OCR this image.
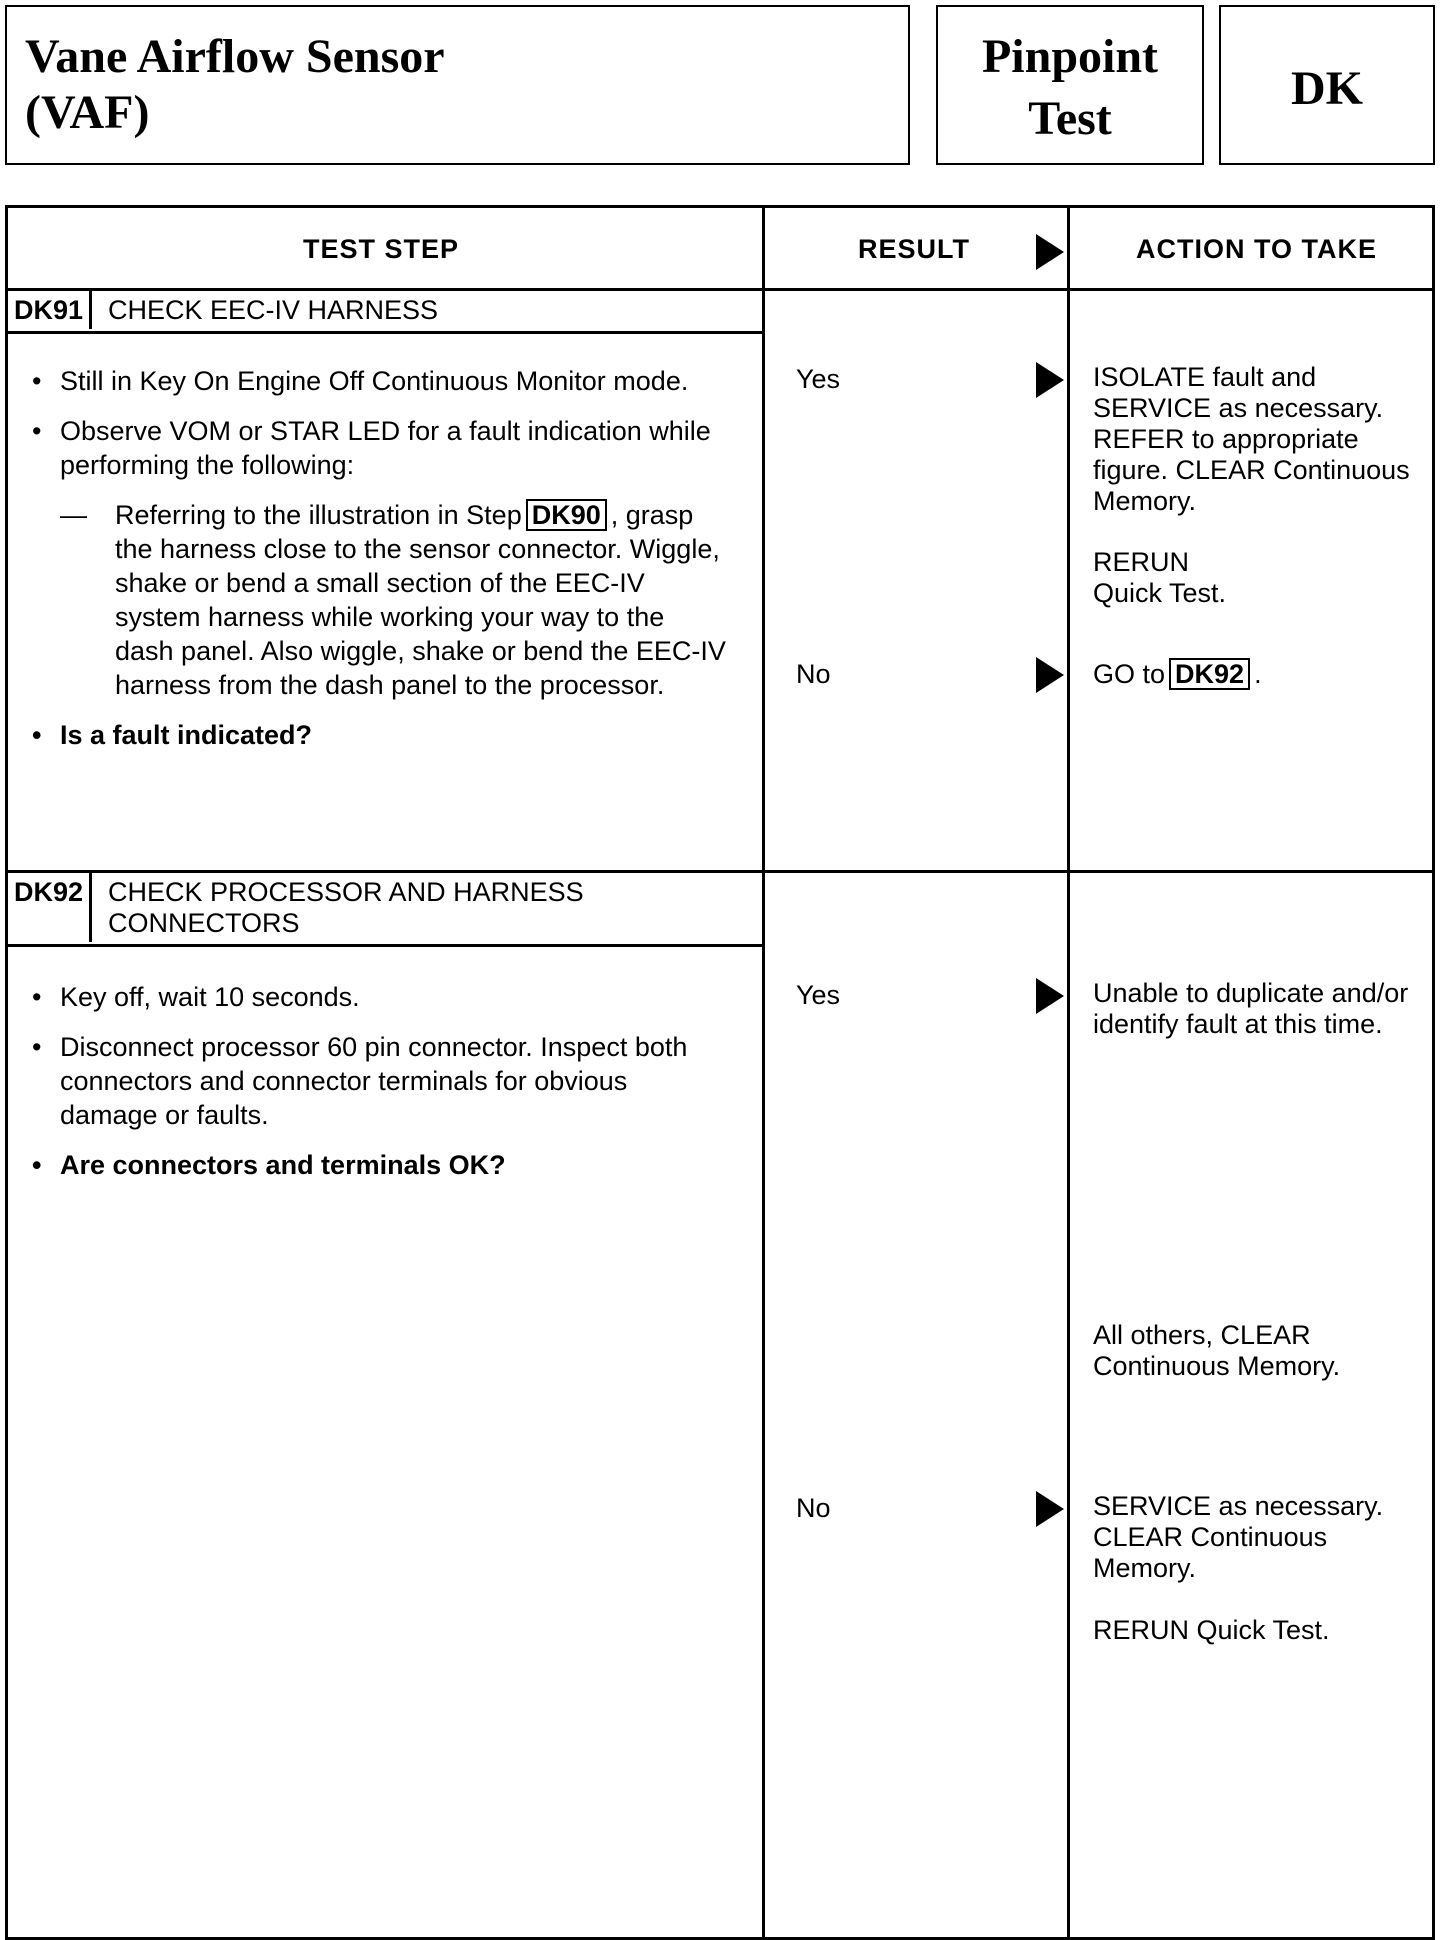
Vane Airflow Sensor
(VAF)
Pinpoint
Test
DK
TEST STEP	RESULT	ACTION TO TAKE
DK91 CHECK EEC-IV HARNESS
• Still in Key On Engine Off Continuous Monitor mode.
• Observe VOM or STAR LED for a fault indication while performing the following:
— Referring to the illustration in Step DK90 , grasp the harness close to the sensor connector. Wiggle, shake or bend a small section of the EEC-IV system harness while working your way to the dash panel. Also wiggle, shake or bend the EEC-IV harness from the dash panel to the processor.
• Is a fault indicated?
Yes	ISOLATE fault and SERVICE as necessary. REFER to appropriate figure. CLEAR Continuous Memory.
RERUN Quick Test.
No	GO to DK92 .
DK92 CHECK PROCESSOR AND HARNESS
CONNECTORS
• Key off, wait 10 seconds.
• Disconnect processor 60 pin connector. Inspect both connectors and connector terminals for obvious damage or faults.
• Are connectors and terminals OK?
Yes	Unable to duplicate and/or identify fault at this time.
All others, CLEAR Continuous Memory.
No	SERVICE as necessary. CLEAR Continuous Memory.
RERUN Quick Test.
